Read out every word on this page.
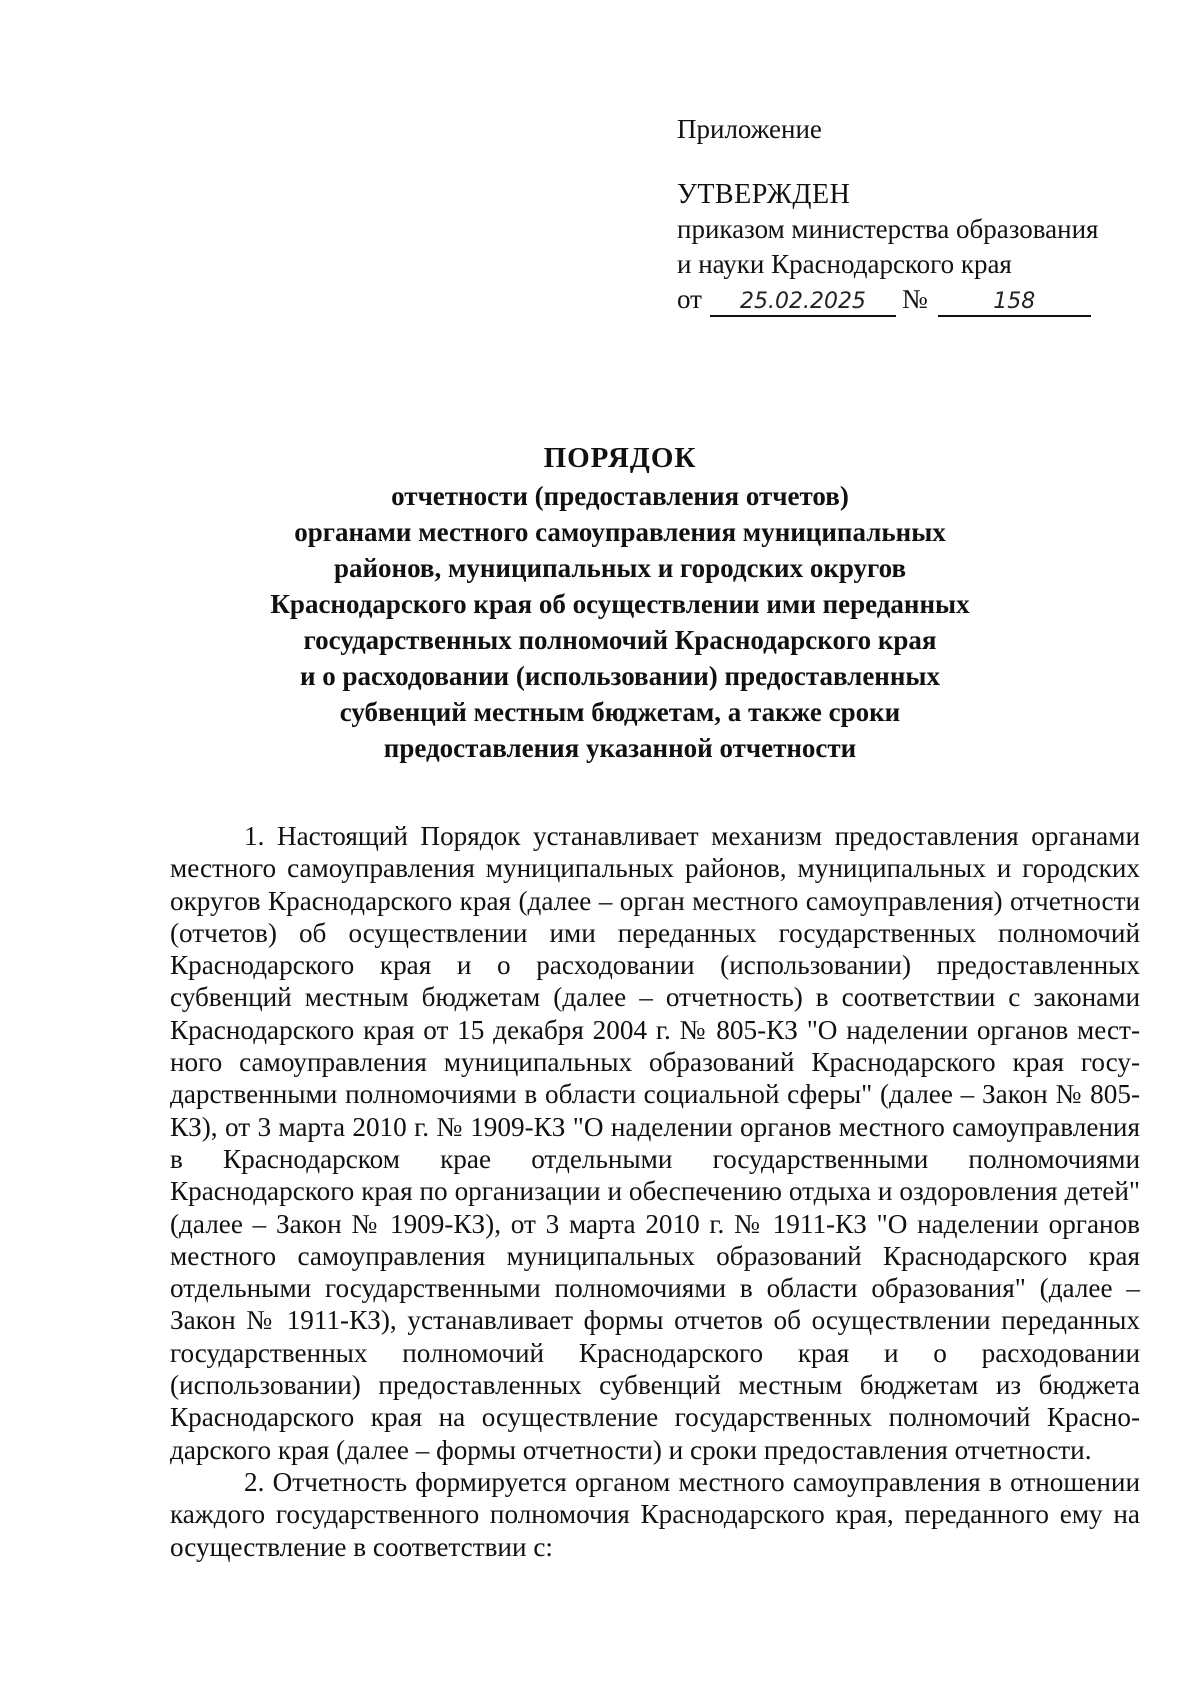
Приложение

УТВЕРЖДЕН

приказом министерства образования

и науки Краснодарского края

от	25.02.2025	№	158

ПОРЯДОК

отчетности (предоставления отчетов)

органами местного самоуправления муниципальных

районов, муниципальных и городских округов

Краснодарского края об осуществлении ими переданных

государственных полномочий Краснодарского края

и о расходовании (использовании) предоставленных

субвенций местным бюджетам, а также сроки

предоставления указанной отчетности

1. Настоящий Порядок устанавливает механизм предоставления органами местного самоуправления муниципальных районов, муниципальных и городских округов Краснодарского края (далее – орган местного самоуправления) отчетности (отчетов) об осуществлении ими переданных государственных полномочий Краснодарского края и о расходовании (использовании) предоставленных субвенций местным бюджетам (далее – отчетность) в соответствии с законами Краснодарского края от 15 декабря 2004 г. № 805-КЗ "О наделении органов местного самоуправления муниципальных образований Краснодарского края государственными полномочиями в области социальной сферы" (далее – Закон № 805-КЗ), от 3 марта 2010 г. № 1909-КЗ "О наделении органов местного самоуправления в Краснодарском крае отдельными государственными полномочиями Краснодарского края по организации и обеспечению отдыха и оздоровления детей" (далее – Закон № 1909-КЗ), от 3 марта 2010 г. № 1911-КЗ "О наделении органов местного самоуправления муниципальных образований Краснодарского края отдельными государственными полномочиями в области образования" (далее – Закон № 1911-КЗ), устанавливает формы отчетов об осуществлении переданных государственных полномочий Краснодарского края и о расходовании (использовании) предоставленных субвенций местным бюджетам из бюджета Краснодарского края на осуществление государственных полномочий Краснодарского края (далее – формы отчетности) и сроки предоставления отчетности.

2. Отчетность формируется органом местного самоуправления в отношении каждого государственного полномочия Краснодарского края, переданного ему на осуществление в соответствии с:
